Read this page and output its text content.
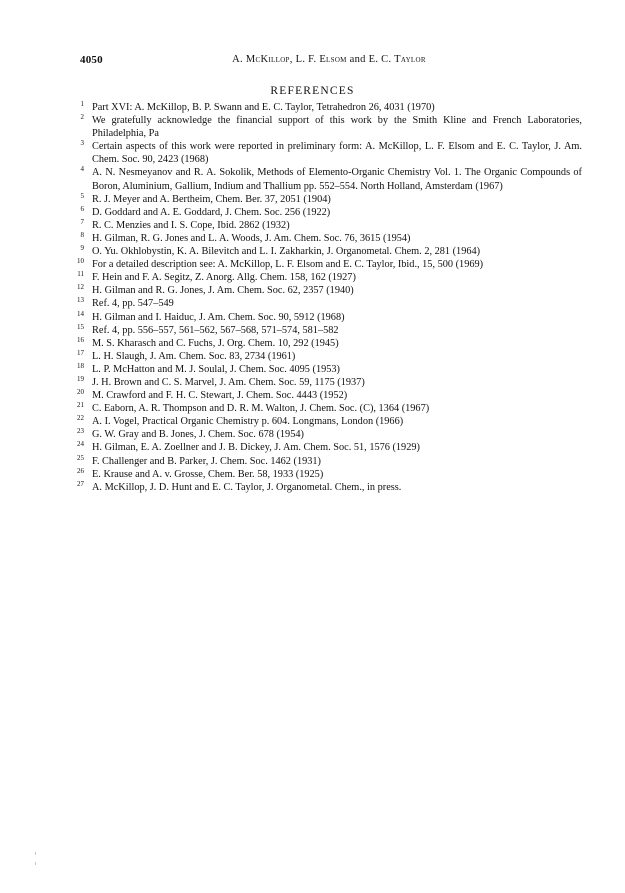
4050	A. McKillop, L. F. Elsom and E. C. Taylor
REFERENCES
1 Part XVI: A. McKillop, B. P. Swann and E. C. Taylor, Tetrahedron 26, 4031 (1970)
2 We gratefully acknowledge the financial support of this work by the Smith Kline and French Laboratories, Philadelphia, Pa
3 Certain aspects of this work were reported in preliminary form: A. McKillop, L. F. Elsom and E. C. Taylor, J. Am. Chem. Soc. 90, 2423 (1968)
4 A. N. Nesmeyanov and R. A. Sokolik, Methods of Elemento-Organic Chemistry Vol. 1. The Organic Compounds of Boron, Aluminium, Gallium, Indium and Thallium pp. 552–554. North Holland, Amsterdam (1967)
5 R. J. Meyer and A. Bertheim, Chem. Ber. 37, 2051 (1904)
6 D. Goddard and A. E. Goddard, J. Chem. Soc. 256 (1922)
7 R. C. Menzies and I. S. Cope, Ibid. 2862 (1932)
8 H. Gilman, R. G. Jones and L. A. Woods, J. Am. Chem. Soc. 76, 3615 (1954)
9 O. Yu. Okhlobystin, K. A. Bilevitch and L. I. Zakharkin, J. Organometal. Chem. 2, 281 (1964)
10 For a detailed description see: A. McKillop, L. F. Elsom and E. C. Taylor, Ibid., 15, 500 (1969)
11 F. Hein and F. A. Segitz, Z. Anorg. Allg. Chem. 158, 162 (1927)
12 H. Gilman and R. G. Jones, J. Am. Chem. Soc. 62, 2357 (1940)
13 Ref. 4, pp. 547–549
14 H. Gilman and I. Haiduc, J. Am. Chem. Soc. 90, 5912 (1968)
15 Ref. 4, pp. 556–557, 561–562, 567–568, 571–574, 581–582
16 M. S. Kharasch and C. Fuchs, J. Org. Chem. 10, 292 (1945)
17 L. H. Slaugh, J. Am. Chem. Soc. 83, 2734 (1961)
18 L. P. McHatton and M. J. Soulal, J. Chem. Soc. 4095 (1953)
19 J. H. Brown and C. S. Marvel, J. Am. Chem. Soc. 59, 1175 (1937)
20 M. Crawford and F. H. C. Stewart, J. Chem. Soc. 4443 (1952)
21 C. Eaborn, A. R. Thompson and D. R. M. Walton, J. Chem. Soc. (C), 1364 (1967)
22 A. I. Vogel, Practical Organic Chemistry p. 604. Longmans, London (1966)
23 G. W. Gray and B. Jones, J. Chem. Soc. 678 (1954)
24 H. Gilman, E. A. Zoellner and J. B. Dickey, J. Am. Chem. Soc. 51, 1576 (1929)
25 F. Challenger and B. Parker, J. Chem. Soc. 1462 (1931)
26 E. Krause and A. v. Grosse, Chem. Ber. 58, 1933 (1925)
27 A. McKillop, J. D. Hunt and E. C. Taylor, J. Organometal. Chem., in press.
